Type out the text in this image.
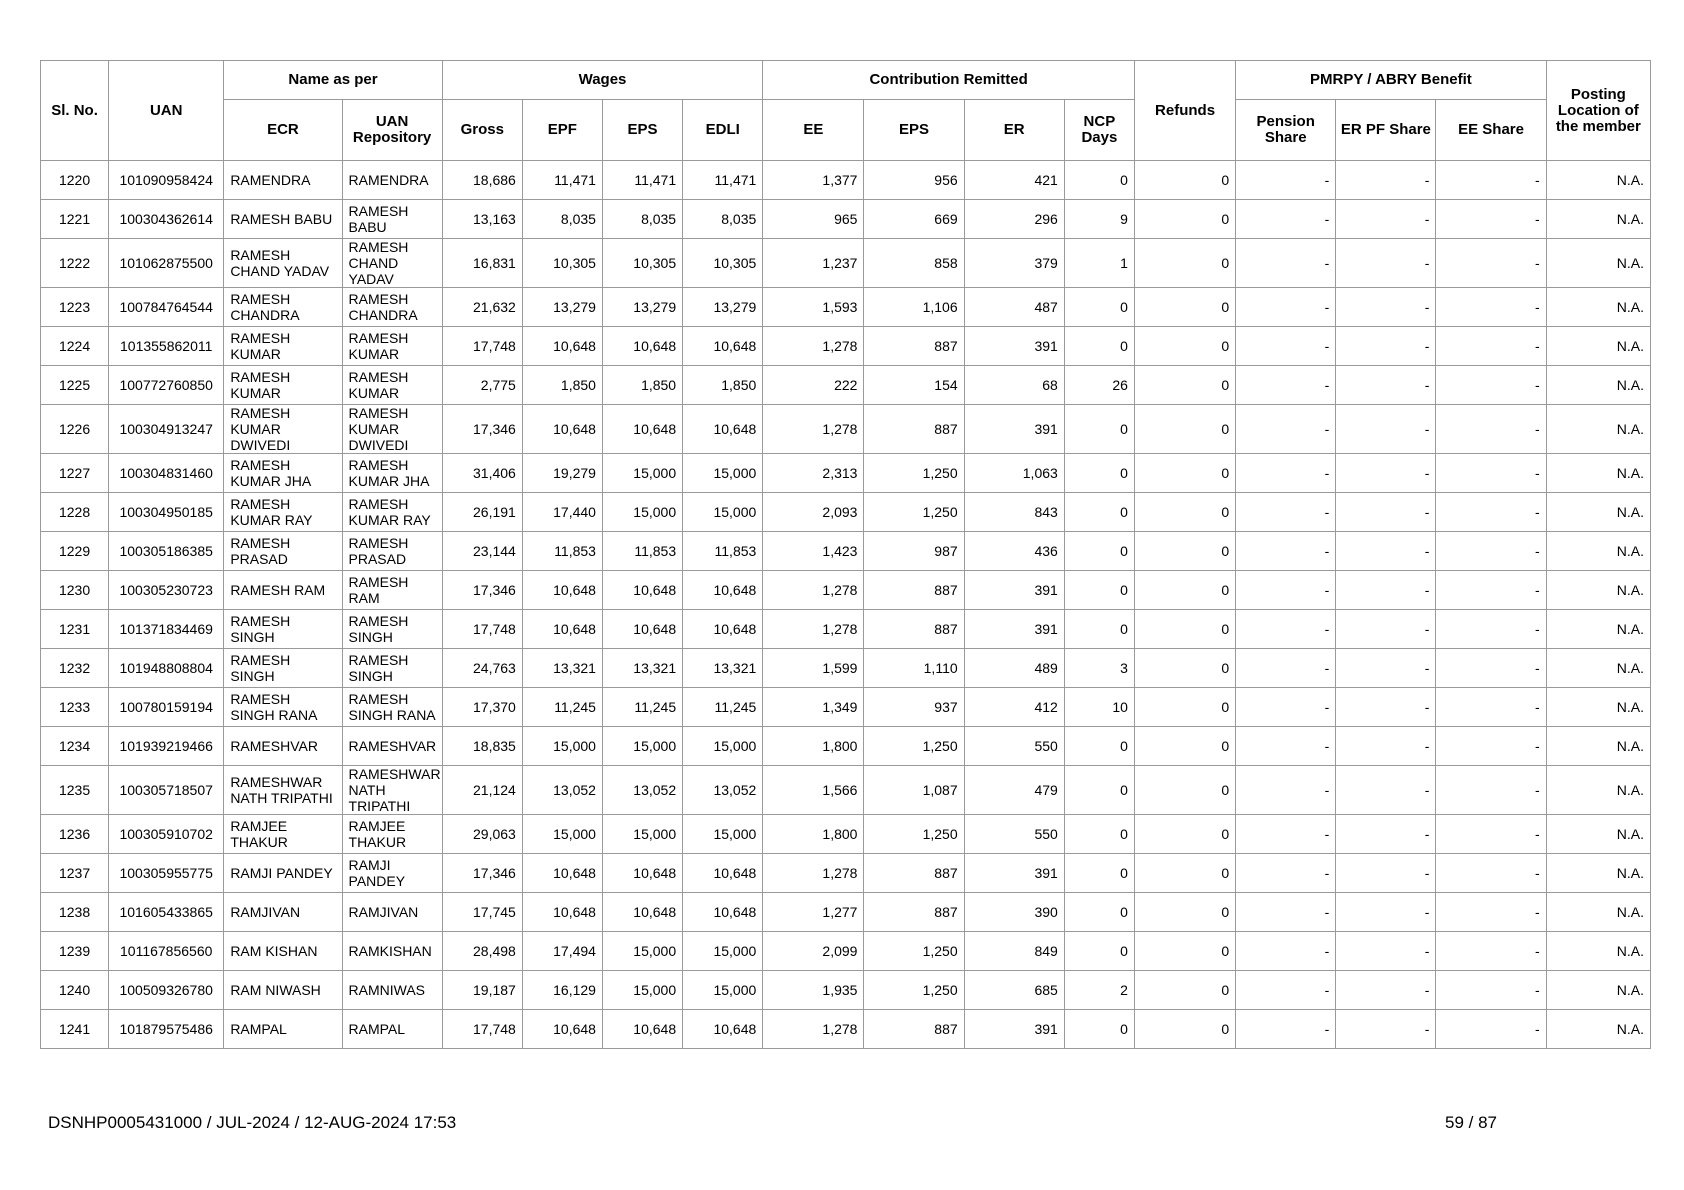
Sl. No.	UAN	Name as per		Wages				Contribution Remitted				Refunds	PMRPY / ABRY Benefit			Posting Location of the member
		ECR	UAN Repository	Gross	EPF	EPS	EDLI	EE	EPS	ER	NCP Days		Pension Share	ER PF Share	EE Share	
1220	101090958424	RAMENDRA	RAMENDRA	18,686	11,471	11,471	11,471	1,377	956	421	0	0	-	-	-	N.A.
1221	100304362614	RAMESH BABU	RAMESH BABU	13,163	8,035	8,035	8,035	965	669	296	9	0	-	-	-	N.A.
1222	101062875500	RAMESH CHAND YADAV	RAMESH CHAND YADAV	16,831	10,305	10,305	10,305	1,237	858	379	1	0	-	-	-	N.A.
1223	100784764544	RAMESH CHANDRA	RAMESH CHANDRA	21,632	13,279	13,279	13,279	1,593	1,106	487	0	0	-	-	-	N.A.
1224	101355862011	RAMESH KUMAR	RAMESH KUMAR	17,748	10,648	10,648	10,648	1,278	887	391	0	0	-	-	-	N.A.
1225	100772760850	RAMESH KUMAR	RAMESH KUMAR	2,775	1,850	1,850	1,850	222	154	68	26	0	-	-	-	N.A.
1226	100304913247	RAMESH KUMAR DWIVEDI	RAMESH KUMAR DWIVEDI	17,346	10,648	10,648	10,648	1,278	887	391	0	0	-	-	-	N.A.
1227	100304831460	RAMESH KUMAR JHA	RAMESH KUMAR JHA	31,406	19,279	15,000	15,000	2,313	1,250	1,063	0	0	-	-	-	N.A.
1228	100304950185	RAMESH KUMAR RAY	RAMESH KUMAR RAY	26,191	17,440	15,000	15,000	2,093	1,250	843	0	0	-	-	-	N.A.
1229	100305186385	RAMESH PRASAD	RAMESH PRASAD	23,144	11,853	11,853	11,853	1,423	987	436	0	0	-	-	-	N.A.
1230	100305230723	RAMESH RAM	RAMESH RAM	17,346	10,648	10,648	10,648	1,278	887	391	0	0	-	-	-	N.A.
1231	101371834469	RAMESH SINGH	RAMESH SINGH	17,748	10,648	10,648	10,648	1,278	887	391	0	0	-	-	-	N.A.
1232	101948808804	RAMESH SINGH	RAMESH SINGH	24,763	13,321	13,321	13,321	1,599	1,110	489	3	0	-	-	-	N.A.
1233	100780159194	RAMESH SINGH RANA	RAMESH SINGH RANA	17,370	11,245	11,245	11,245	1,349	937	412	10	0	-	-	-	N.A.
1234	101939219466	RAMESHVAR	RAMESHVAR	18,835	15,000	15,000	15,000	1,800	1,250	550	0	0	-	-	-	N.A.
1235	100305718507	RAMESHWAR NATH TRIPATHI	RAMESHWAR NATH TRIPATHI	21,124	13,052	13,052	13,052	1,566	1,087	479	0	0	-	-	-	N.A.
1236	100305910702	RAMJEE THAKUR	RAMJEE THAKUR	29,063	15,000	15,000	15,000	1,800	1,250	550	0	0	-	-	-	N.A.
1237	100305955775	RAMJI PANDEY	RAMJI PANDEY	17,346	10,648	10,648	10,648	1,278	887	391	0	0	-	-	-	N.A.
1238	101605433865	RAMJIVAN	RAMJIVAN	17,745	10,648	10,648	10,648	1,277	887	390	0	0	-	-	-	N.A.
1239	101167856560	RAM KISHAN	RAMKISHAN	28,498	17,494	15,000	15,000	2,099	1,250	849	0	0	-	-	-	N.A.
1240	100509326780	RAM NIWASH	RAMNIWAS	19,187	16,129	15,000	15,000	1,935	1,250	685	2	0	-	-	-	N.A.
1241	101879575486	RAMPAL	RAMPAL	17,748	10,648	10,648	10,648	1,278	887	391	0	0	-	-	-	N.A.
DSNHP0005431000 / JUL-2024 / 12-AUG-2024 17:53	59 / 87
